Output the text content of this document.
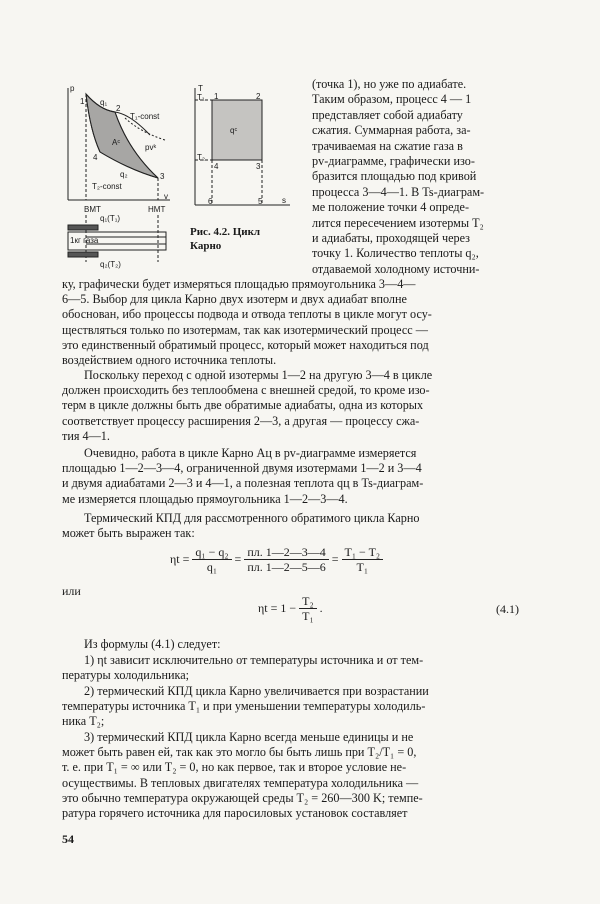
p
v
1
2
3
4
T₁-const
T₂-const
pvᵏ
Aᶜ
q₁
q₂
T
s
T₁
T₂
1	2
3
4
5
6
qᶜ
ВМТ	НМТ
q₁(T₁)
1кг газа
q₂(T₂)
Рис. 4.2. Цикл
Карно
(точка 1), но уже по адиабате.
Таким образом, процесс 4 — 1
представляет собой адиабату
сжатия. Суммарная работа, за-
трачиваемая на сжатие газа в
pv-диаграмме, графически изо-
бразится площадью под кривой
процесса 3—4—1. В Ts-диаграм-
ме положение точки 4 опреде-
лится пересечением изотермы T₂
и адиабаты, проходящей через
точку 1. Количество теплоты q₂,
отдаваемой холодному источни-
ку, графически будет измеряться площадью прямоугольника 3—4—
6—5. Выбор для цикла Карно двух изотерм и двух адиабат вполне
обоснован, ибо процессы подвода и отвода теплоты в цикле могут осу-
ществляться только по изотермам, так как изотермический процесс —
это единственный обратимый процесс, который может находиться под
воздействием одного источника теплоты.
Поскольку переход с одной изотермы 1—2 на другую 3—4 в цикле
должен происходить без теплообмена с внешней средой, то кроме изо-
терм в цикле должны быть две обратимые адиабаты, одна из которых
соответствует процессу расширения 2—3, а другая — процессу сжа-
тия 4—1.
Очевидно, работа в цикле Карно Aц в pv-диаграмме измеряется
площадью 1—2—3—4, ограниченной двумя изотермами 1—2 и 3—4
и двумя адиабатами 2—3 и 4—1, а полезная теплота qц в Ts-диаграм-
ме измеряется площадью прямоугольника 1—2—3—4.
Термический КПД для рассмотренного обратимого цикла Карно
может быть выражен так:
$\eta t = \frac{\text{q₁ − q₂}}{\text{q₁}} = \frac{пл. 1—2—3—4}{пл. 1—2—5—6} = \frac{\text{T₁ − T₂}}{\text{T₁}}$
или
$\eta t = 1 - \frac{\text{T₂}}{\text{T₁}}$ .	(4.1)
Из формулы (4.1) следует:
1) ηt зависит исключительно от температуры источника и от тем-
пературы холодильника;
2) термический КПД цикла Карно увеличивается при возрастании
температуры источника T₁ и при уменьшении температуры холодиль-
ника T₂;
3) термический КПД цикла Карно всегда меньше единицы и не
может быть равен ей, так как это могло бы быть лишь при T₂/T₁ = 0,
т. е. при T₁ = ∞ или T₂ = 0, но как первое, так и второе условие не-
осуществимы. В тепловых двигателях температура холодильника —
это обычно температура окружающей среды T₂ = 260—300 K; темпе-
ратура горячего источника для паросиловых установок составляет
54
